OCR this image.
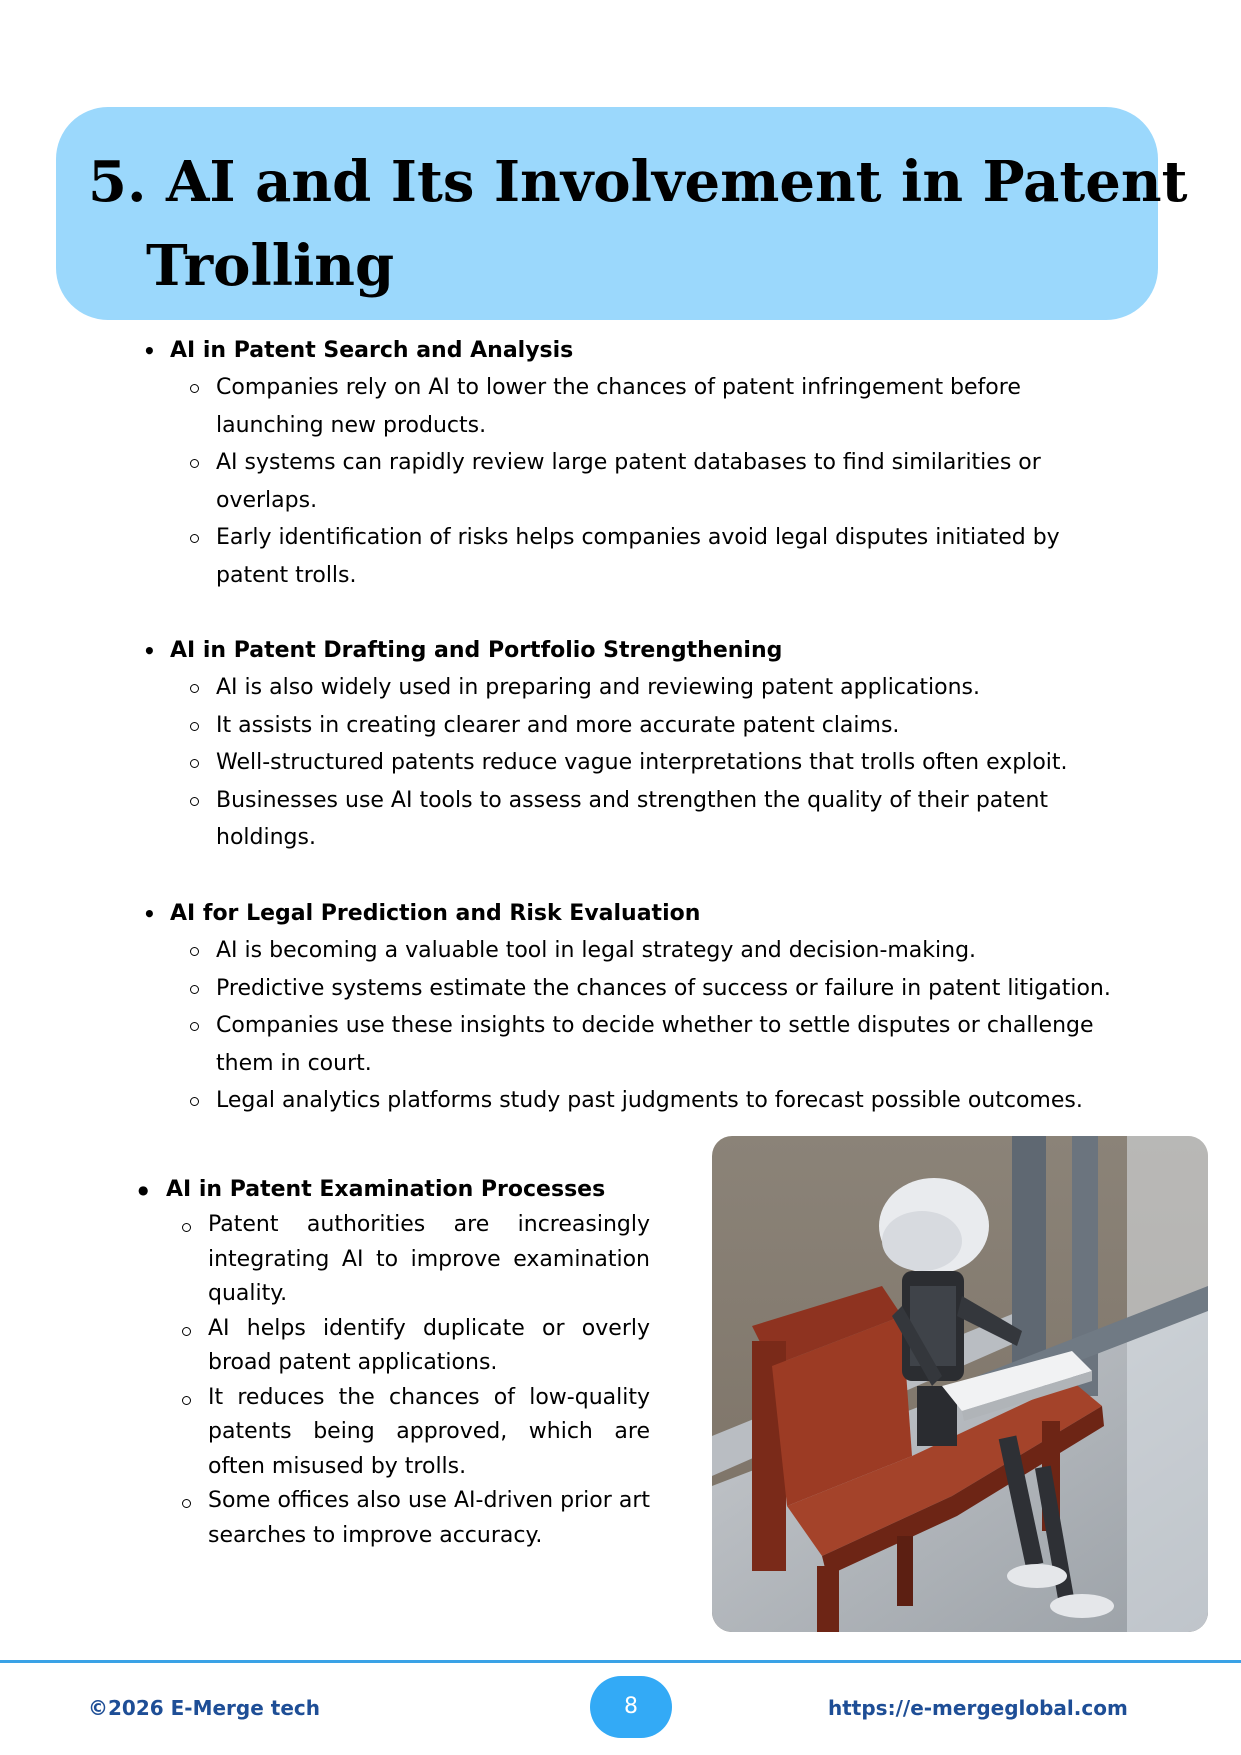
5. AI and Its Involvement in Patent Trolling

• AI in Patent Search and Analysis

Companies rely on AI to lower the chances of patent infringement before launching new products.
AI systems can rapidly review large patent databases to find similarities or overlaps.
Early identification of risks helps companies avoid legal disputes initiated by patent trolls.

• AI in Patent Drafting and Portfolio Strengthening

AI is also widely used in preparing and reviewing patent applications.
It assists in creating clearer and more accurate patent claims.
Well-structured patents reduce vague interpretations that trolls often exploit.
Businesses use AI tools to assess and strengthen the quality of their patent holdings.

• AI for Legal Prediction and Risk Evaluation

AI is becoming a valuable tool in legal strategy and decision-making.
Predictive systems estimate the chances of success or failure in patent litigation.
Companies use these insights to decide whether to settle disputes or challenge them in court.
Legal analytics platforms study past judgments to forecast possible outcomes.

● AI in Patent Examination Processes

Patent authorities are increasingly integrating AI to improve examination quality.
AI helps identify duplicate or overly broad patent applications.
It reduces the chances of low-quality patents being approved, which are often misused by trolls.
Some offices also use AI-driven prior art searches to improve accuracy.
©2026 E-Merge tech	8	https://e-mergeglobal.com
